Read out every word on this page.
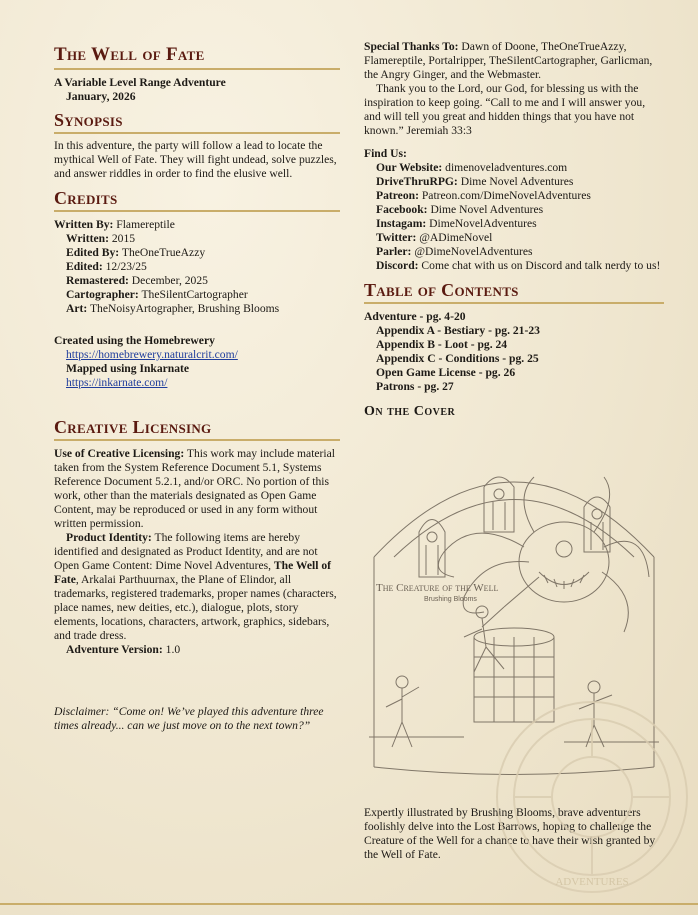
The Well of Fate

A Variable Level Range Adventure

January, 2026

Synopsis

In this adventure, the party will follow a lead to locate the mythical Well of Fate. They will fight undead, solve puzzles, and answer riddles in order to find the elusive well.

Credits

Written By: Flamereptile

Written: 2015

Edited By: TheOneTrueAzzy

Edited: 12/23/25

Remastered: December, 2025

Cartographer: TheSilentCartographer

Art: TheNoisyArtographer, Brushing Blooms

Created using the Homebrewery

https://homebrewery.naturalcrit.com/

Mapped using Inkarnate

https://inkarnate.com/

Creative Licensing

Use of Creative Licensing: This work may include material taken from the System Reference Document 5.1, Systems Reference Document 5.2.1, and/or ORC. No portion of this work, other than the materials designated as Open Game Content, may be reproduced or used in any form without written permission.

Product Identity: The following items are hereby identified and designated as Product Identity, and are not Open Game Content: Dime Novel Adventures, The Well of Fate, Arkalai Parthuurnax, the Plane of Elindor, all trademarks, registered trademarks, proper names (characters, place names, new deities, etc.), dialogue, plots, story elements, locations, characters, artwork, graphics, sidebars, and trade dress.

Adventure Version: 1.0

Disclaimer: “Come on! We’ve played this adventure three times already... can we just move on to the next town?”

Special Thanks To: Dawn of Doone, TheOneTrueAzzy, Flamereptile, Portalripper, TheSilentCartographer, Garlicman, the Angry Ginger, and the Webmaster.

Thank you to the Lord, our God, for blessing us with the inspiration to keep going. “Call to me and I will answer you, and will tell you great and hidden things that you have not known.” Jeremiah 33:3

Find Us:

Our Website: dimenoveladventures.com

DriveThruRPG: Dime Novel Adventures

Patreon: Patreon.com/DimeNovelAdventures

Facebook: Dime Novel Adventures

Instagam: DimeNovelAdventures

Twitter: @ADimeNovel

Parler: @DimeNovelAdventures

Discord: Come chat with us on Discord and talk nerdy to us!

Table of Contents

Adventure - pg. 4-20

Appendix A - Bestiary - pg. 21-23

Appendix B - Loot - pg. 24

Appendix C - Conditions - pg. 25

Open Game License - pg. 26

Patrons - pg. 27

On the Cover
The Creature of the Well
Brushing Blooms

Expertly illustrated by Brushing Blooms, brave adventurers foolishly delve into the Lost Barrows, hoping to challenge the Creature of the Well for a chance to have their wish granted by the Well of Fate.

ADVENTURES
